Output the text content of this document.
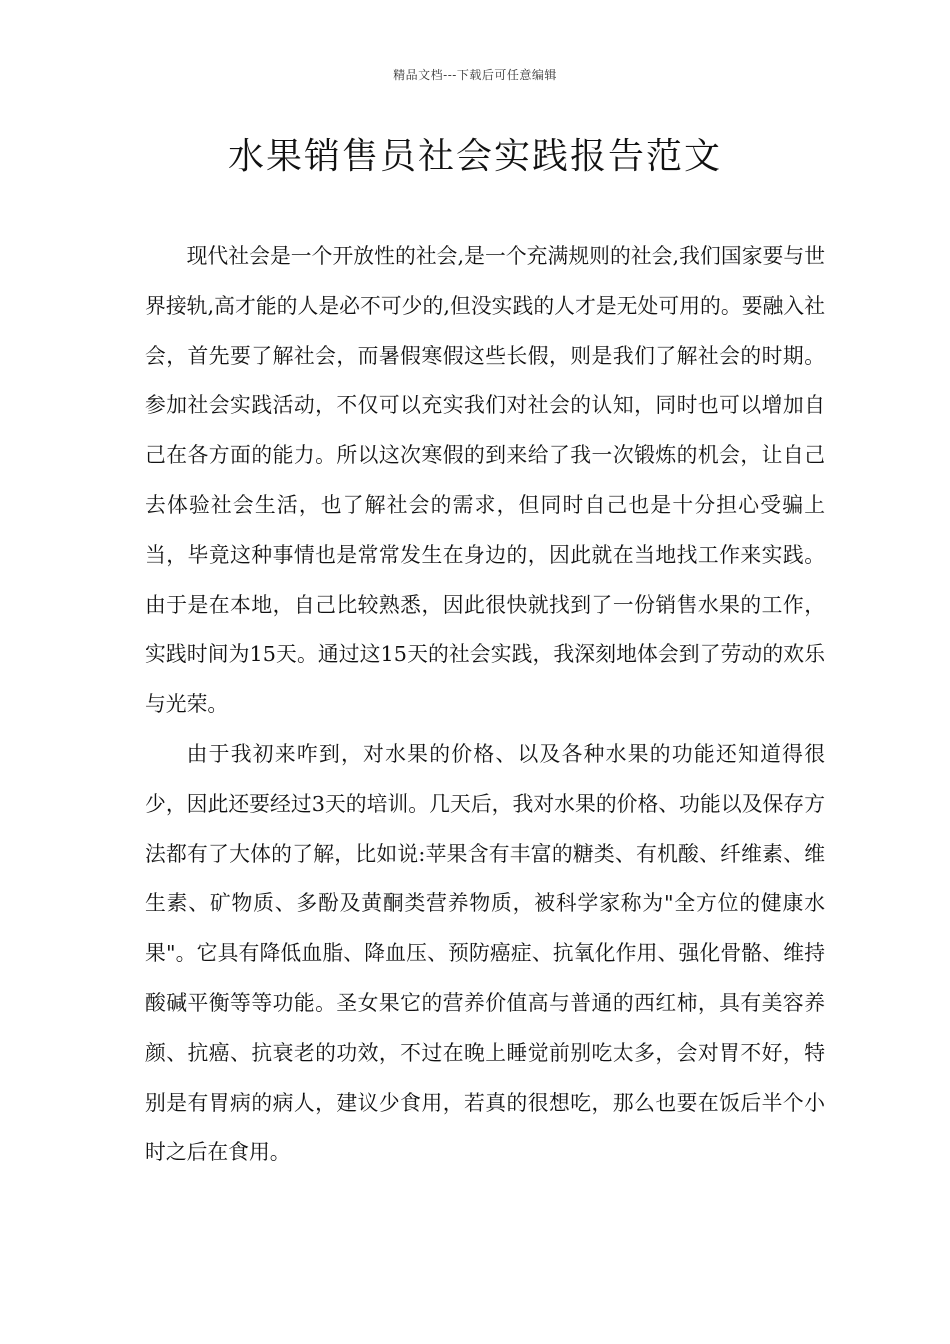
精品文档---下载后可任意编辑
水果销售员社会实践报告范文

现代社会是一个开放性的社会,是一个充满规则的社会,我们国家要与世界接轨,高才能的人是必不可少的,但没实践的人才是无处可用的。要融入社会，首先要了解社会，而暑假寒假这些长假，则是我们了解社会的时期。参加社会实践活动，不仅可以充实我们对社会的认知，同时也可以增加自己在各方面的能力。所以这次寒假的到来给了我一次锻炼的机会，让自己去体验社会生活，也了解社会的需求，但同时自己也是十分担心受骗上当，毕竟这种事情也是常常发生在身边的，因此就在当地找工作来实践。由于是在本地，自己比较熟悉，因此很快就找到了一份销售水果的工作，实践时间为15天。通过这15天的社会实践，我深刻地体会到了劳动的欢乐与光荣。

由于我初来咋到，对水果的价格、以及各种水果的功能还知道得很少，因此还要经过3天的培训。几天后，我对水果的价格、功能以及保存方法都有了大体的了解，比如说:苹果含有丰富的糖类、有机酸、纤维素、维生素、矿物质、多酚及黄酮类营养物质，被科学家称为"全方位的健康水果"。它具有降低血脂、降血压、预防癌症、抗氧化作用、强化骨骼、维持酸碱平衡等等功能。圣女果它的营养价值高与普通的西红柿，具有美容养颜、抗癌、抗衰老的功效，不过在晚上睡觉前别吃太多，会对胃不好，特别是有胃病的病人，建议少食用，若真的很想吃，那么也要在饭后半个小时之后在食用。
